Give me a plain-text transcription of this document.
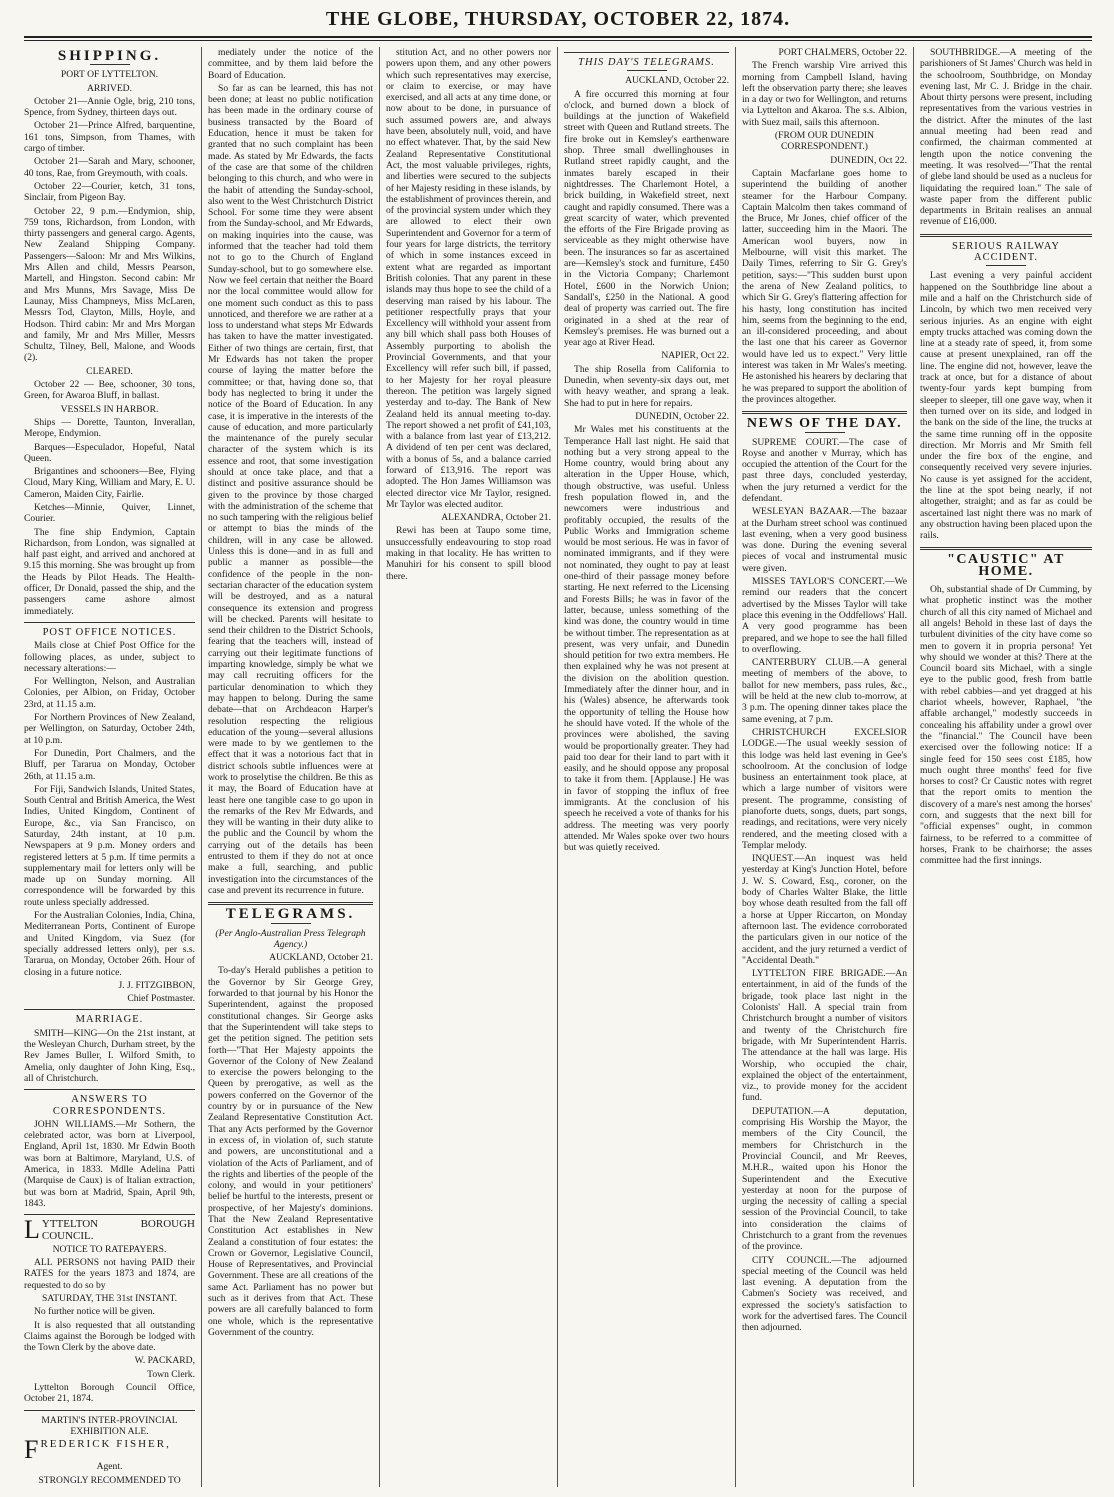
THE GLOBE, THURSDAY, OCTOBER 22, 1874.
SHIPPING.
PORT OF LYTTELTON.
ARRIVED.

October 21—Annie Ogle, brig, 210 tons, Spence, from Sydney, thirteen days out.

October 21—Prince Alfred, barquentine, 161 tons, Simpson, from Thames, with cargo of timber.

October 21—Sarah and Mary, schooner, 40 tons, Rae, from Greymouth, with coals.

October 22—Courier, ketch, 31 tons, Sinclair, from Pigeon Bay.

October 22, 9 p.m.—Endymion, ship, 759 tons, Richardson, from London, with thirty passengers and general cargo. Agents, New Zealand Shipping Company. Passengers—Saloon: Mr and Mrs Wilkins, Mrs Allen and child, Messrs Pearson, Martell, and Hingston. Second cabin: Mr and Mrs Munns, Mrs Savage, Miss De Launay, Miss Champneys, Miss McLaren, Messrs Tod, Clayton, Mills, Hoyle, and Hodson. Third cabin: Mr and Mrs Morgan and family, Mr and Mrs Miller, Messrs Schultz, Tilney, Bell, Malone, and Woods (2).

CLEARED.

October 22 — Bee, schooner, 30 tons, Green, for Awaroa Bluff, in ballast.

VESSELS IN HARBOR.

Ships — Dorette, Taunton, Inverallan, Merope, Endymion.

Barques—Especulador, Hopeful, Natal Queen.

Brigantines and schooners—Bee, Flying Cloud, Mary King, William and Mary, E. U. Cameron, Maiden City, Fairlie.

Ketches—Minnie, Quiver, Linnet, Courier.

The fine ship Endymion, Captain Richardson, from London, was signalled at half past eight, and arrived and anchored at 9.15 this morning. She was brought up from the Heads by Pilot Heads. The Health-officer, Dr Donald, passed the ship, and the passengers came ashore almost immediately.

POST OFFICE NOTICES.

Mails close at Chief Post Office for the following places, as under, subject to necessary alterations:—

For Wellington, Nelson, and Australian Colonies, per Albion, on Friday, October 23rd, at 11.15 a.m.

For Northern Provinces of New Zealand, per Wellington, on Saturday, October 24th, at 10 p.m.

For Dunedin, Port Chalmers, and the Bluff, per Tararua on Monday, October 26th, at 11.15 a.m.

For Fiji, Sandwich Islands, United States, South Central and British America, the West Indies, United Kingdom, Continent of Europe, &c., via San Francisco, on Saturday, 24th instant, at 10 p.m. Newspapers at 9 p.m. Money orders and registered letters at 5 p.m. If time permits a supplementary mail for letters only will be made up on Sunday morning. All correspondence will be forwarded by this route unless specially addressed.

For the Australian Colonies, India, China, Mediterranean Ports, Continent of Europe and United Kingdom, via Suez (for specially addressed letters only), per s.s. Tararua, on Monday, October 26th. Hour of closing in a future notice.

J. J. FITZGIBBON,

Chief Postmaster.

MARRIAGE.

SMITH—KING—On the 21st instant, at the Wesleyan Church, Durham street, by the Rev James Buller, I. Wilford Smith, to Amelia, only daughter of John King, Esq., all of Christchurch.

ANSWERS TO CORRESPONDENTS.

JOHN WILLIAMS.—Mr Sothern, the celebrated actor, was born at Liverpool, England, April 1st, 1830. Mr Edwin Booth was born at Baltimore, Maryland, U.S. of America, in 1833. Mdlle Adelina Patti (Marquise de Caux) is of Italian extraction, but was born at Madrid, Spain, April 9th, 1843.

LYTTELTON BOROUGH COUNCIL.
NOTICE TO RATEPAYERS.

ALL PERSONS not having PAID their RATES for the years 1873 and 1874, are requested to do so by

SATURDAY, THE 31st INSTANT.

No further notice will be given.

It is also requested that all outstanding Claims against the Borough be lodged with the Town Clerk by the above date.

W. PACKARD,

Town Clerk.

Lyttelton Borough Council Office, October 21, 1874.

MARTIN'S INTER-PROVINCIAL EXHIBITION ALE.
FREDERICK FISHER,
Agent.
STRONGLY RECOMMENDED TO

mediately under the notice of the committee, and by them laid before the Board of Education.

So far as can be learned, this has not been done; at least no public notification has been made in the ordinary course of business transacted by the Board of Education, hence it must be taken for granted that no such complaint has been made. As stated by Mr Edwards, the facts of the case are that some of the children belonging to this church, and who were in the habit of attending the Sunday-school, also went to the West Christchurch District School. For some time they were absent from the Sunday-school, and Mr Edwards, on making inquiries into the cause, was informed that the teacher had told them not to go to the Church of England Sunday-school, but to go somewhere else. Now we feel certain that neither the Board nor the local committee would allow for one moment such conduct as this to pass unnoticed, and therefore we are rather at a loss to understand what steps Mr Edwards has taken to have the matter investigated. Either of two things are certain, first, that Mr Edwards has not taken the proper course of laying the matter before the committee; or that, having done so, that body has neglected to bring it under the notice of the Board of Education. In any case, it is imperative in the interests of the cause of education, and more particularly the maintenance of the purely secular character of the system which is its essence and root, that some investigation should at once take place, and that a distinct and positive assurance should be given to the province by those charged with the administration of the scheme that no such tampering with the religious belief or attempt to bias the minds of the children, will in any case be allowed. Unless this is done—and in as full and public a manner as possible—the confidence of the people in the non-sectarian character of the education system will be destroyed, and as a natural consequence its extension and progress will be checked. Parents will hesitate to send their children to the District Schools, fearing that the teachers will, instead of carrying out their legitimate functions of imparting knowledge, simply be what we may call recruiting officers for the particular denomination to which they may happen to belong. During the same debate—that on Archdeacon Harper's resolution respecting the religious education of the young—several allusions were made to by we gentlemen to the effect that it was a notorious fact that in district schools subtle influences were at work to proselytise the children. Be this as it may, the Board of Education have at least here one tangible case to go upon in the remarks of the Rev Mr Edwards, and they will be wanting in their duty alike to the public and the Council by whom the carrying out of the details has been entrusted to them if they do not at once make a full, searching, and public investigation into the circumstances of the case and prevent its recurrence in future.

TELEGRAMS.
(Per Anglo-Australian Press Telegraph Agency.)

AUCKLAND, October 21.

To-day's Herald publishes a petition to the Governor by Sir George Grey, forwarded to that journal by his Honor the Superintendent, against the proposed constitutional changes. Sir George asks that the Superintendent will take steps to get the petition signed. The petition sets forth—"That Her Majesty appoints the Governor of the Colony of New Zealand to exercise the powers belonging to the Queen by prerogative, as well as the powers conferred on the Governor of the country by or in pursuance of the New Zealand Representative Constitution Act. That any Acts performed by the Governor in excess of, in violation of, such statute and powers, are unconstitutional and a violation of the Acts of Parliament, and of the rights and liberties of the people of the colony, and would in your petitioners' belief be hurtful to the interests, present or prospective, of her Majesty's dominions. That the New Zealand Representative Constitution Act establishes in New Zealand a constitution of four estates: the Crown or Governor, Legislative Council, House of Representatives, and Provincial Government. These are all creations of the same Act. Parliament has no power but such as it derives from that Act. These powers are all carefully balanced to form one whole, which is the representative Government of the country.

stitution Act, and no other powers nor powers upon them, and any other powers which such representatives may exercise, or claim to exercise, or may have exercised, and all acts at any time done, or now about to be done, in pursuance of such assumed powers are, and always have been, absolutely null, void, and have no effect whatever. That, by the said New Zealand Representative Constitutional Act, the most valuable privileges, rights, and liberties were secured to the subjects of her Majesty residing in these islands, by the establishment of provinces therein, and of the provincial system under which they are allowed to elect their own Superintendent and Governor for a term of four years for large districts, the territory of which in some instances exceed in extent what are regarded as important British colonies. That any parent in these islands may thus hope to see the child of a deserving man raised by his labour. The petitioner respectfully prays that your Excellency will withhold your assent from any bill which shall pass both Houses of Assembly purporting to abolish the Provincial Governments, and that your Excellency will refer such bill, if passed, to her Majesty for her royal pleasure thereon. The petition was largely signed yesterday and to-day. The Bank of New Zealand held its annual meeting to-day. The report showed a net profit of £41,103, with a balance from last year of £13,212. A dividend of ten per cent was declared, with a bonus of 5s, and a balance carried forward of £13,916. The report was adopted. The Hon James Williamson was elected director vice Mr Taylor, resigned. Mr Taylor was elected auditor.

ALEXANDRA, October 21.

Rewi has been at Taupo some time, unsuccessfully endeavouring to stop road making in that locality. He has written to Manuhiri for his consent to spill blood there.

THIS DAY'S TELEGRAMS.

AUCKLAND, October 22.

A fire occurred this morning at four o'clock, and burned down a block of buildings at the junction of Wakefield street with Queen and Rutland streets. The fire broke out in Kemsley's earthenware shop. Three small dwellinghouses in Rutland street rapidly caught, and the inmates barely escaped in their nightdresses. The Charlemont Hotel, a brick building, in Wakefield street, next caught and rapidly consumed. There was a great scarcity of water, which prevented the efforts of the Fire Brigade proving as serviceable as they might otherwise have been. The insurances so far as ascertained are—Kemsley's stock and furniture, £450 in the Victoria Company; Charlemont Hotel, £600 in the Norwich Union; Sandall's, £250 in the National. A good deal of property was carried out. The fire originated in a shed at the rear of Kemsley's premises. He was burned out a year ago at River Head.

NAPIER, Oct 22.

The ship Rosella from California to Dunedin, when seventy-six days out, met with heavy weather, and sprang a leak. She had to put in here for repairs.

DUNEDIN, October 22.

Mr Wales met his constituents at the Temperance Hall last night. He said that nothing but a very strong appeal to the Home country, would bring about any alteration in the Upper House, which, though obstructive, was useful. Unless fresh population flowed in, and the newcomers were industrious and profitably occupied, the results of the Public Works and Immigration scheme would be most serious. He was in favor of nominated immigrants, and if they were not nominated, they ought to pay at least one-third of their passage money before starting. He next referred to the Licensing and Forests Bills; he was in favor of the latter, because, unless something of the kind was done, the country would in time be without timber. The representation as at present, was very unfair, and Dunedin should petition for two extra members. He then explained why he was not present at the division on the abolition question. Immediately after the dinner hour, and in his (Wales) absence, he afterwards took the opportunity of telling the House how he should have voted. If the whole of the provinces were abolished, the saving would be proportionally greater. They had paid too dear for their land to part with it easily, and he should oppose any proposal to take it from them. [Applause.] He was in favor of stopping the influx of free immigrants. At the conclusion of his speech he received a vote of thanks for his address. The meeting was very poorly attended. Mr Wales spoke over two hours but was quietly received.

PORT CHALMERS, October 22.

The French warship Vire arrived this morning from Campbell Island, having left the observation party there; she leaves in a day or two for Wellington, and returns via Lyttelton and Akaroa. The s.s. Albion, with Suez mail, sails this afternoon.

(FROM OUR DUNEDIN CORRESPONDENT.)

DUNEDIN, Oct 22.

Captain Macfarlane goes home to superintend the building of another steamer for the Harbour Company. Captain Malcolm then takes command of the Bruce, Mr Jones, chief officer of the latter, succeeding him in the Maori. The American wool buyers, now in Melbourne, will visit this market. The Daily Times, referring to Sir G. Grey's petition, says:—"This sudden burst upon the arena of New Zealand politics, to which Sir G. Grey's flattering affection for his hasty, long constitution has incited him, seems from the beginning to the end, an ill-considered proceeding, and about the last one that his career as Governor would have led us to expect." Very little interest was taken in Mr Wales's meeting. He astonished his hearers by declaring that he was prepared to support the abolition of the provinces altogether.

NEWS OF THE DAY.

SUPREME COURT.—The case of Royse and another v Murray, which has occupied the attention of the Court for the past three days, concluded yesterday, when the jury returned a verdict for the defendant.

WESLEYAN BAZAAR.—The bazaar at the Durham street school was continued last evening, when a very good business was done. During the evening several pieces of vocal and instrumental music were given.

MISSES TAYLOR'S CONCERT.—We remind our readers that the concert advertised by the Misses Taylor will take place this evening in the Oddfellows' Hall. A very good programme has been prepared, and we hope to see the hall filled to overflowing.

CANTERBURY CLUB.—A general meeting of members of the above, to ballot for new members, pass rules, &c., will be held at the new club to-morrow, at 3 p.m. The opening dinner takes place the same evening, at 7 p.m.

CHRISTCHURCH EXCELSIOR LODGE.—The usual weekly session of this lodge was held last evening in Gee's schoolroom. At the conclusion of lodge business an entertainment took place, at which a large number of visitors were present. The programme, consisting of pianoforte duets, songs, duets, part songs, readings, and recitations, were very nicely rendered, and the meeting closed with a Templar melody.

INQUEST.—An inquest was held yesterday at King's Junction Hotel, before J. W. S. Coward, Esq., coroner, on the body of Charles Walter Blake, the little boy whose death resulted from the fall off a horse at Upper Riccarton, on Monday afternoon last. The evidence corroborated the particulars given in our notice of the accident, and the jury returned a verdict of "Accidental Death."

LYTTELTON FIRE BRIGADE.—An entertainment, in aid of the funds of the brigade, took place last night in the Colonists' Hall. A special train from Christchurch brought a number of visitors and twenty of the Christchurch fire brigade, with Mr Superintendent Harris. The attendance at the hall was large. His Worship, who occupied the chair, explained the object of the entertainment, viz., to provide money for the accident fund.

DEPUTATION.—A deputation, comprising His Worship the Mayor, the members of the City Council, the members for Christchurch in the Provincial Council, and Mr Reeves, M.H.R., waited upon his Honor the Superintendent and the Executive yesterday at noon for the purpose of urging the necessity of calling a special session of the Provincial Council, to take into consideration the claims of Christchurch to a grant from the revenues of the province.

CITY COUNCIL.—The adjourned special meeting of the Council was held last evening. A deputation from the Cabmen's Society was received, and expressed the society's satisfaction to work for the advertised fares. The Council then adjourned.

SOUTHBRIDGE.—A meeting of the parishioners of St James' Church was held in the schoolroom, Southbridge, on Monday evening last, Mr C. J. Bridge in the chair. About thirty persons were present, including representatives from the various vestries in the district. After the minutes of the last annual meeting had been read and confirmed, the chairman commented at length upon the notice convening the meeting. It was resolved—"That the rental of glebe land should be used as a nucleus for liquidating the required loan." The sale of waste paper from the different public departments in Britain realises an annual revenue of £16,000.

SERIOUS RAILWAY ACCIDENT.

Last evening a very painful accident happened on the Southbridge line about a mile and a half on the Christchurch side of Lincoln, by which two men received very serious injuries. As an engine with eight empty trucks attached was coming down the line at a steady rate of speed, it, from some cause at present unexplained, ran off the line. The engine did not, however, leave the track at once, but for a distance of about twenty-four yards kept bumping from sleeper to sleeper, till one gave way, when it then turned over on its side, and lodged in the bank on the side of the line, the trucks at the same time running off in the opposite direction. Mr Morris and Mr Smith fell under the fire box of the engine, and consequently received very severe injuries. No cause is yet assigned for the accident, the line at the spot being nearly, if not altogether, straight; and as far as could be ascertained last night there was no mark of any obstruction having been placed upon the rails.

"CAUSTIC" AT HOME.

Oh, substantial shade of Dr Cumming, by what prophetic instinct was the mother church of all this city named of Michael and all angels! Behold in these last of days the turbulent divinities of the city have come so men to govern it in propria persona! Yet why should we wonder at this? There at the Council board sits Michael, with a single eye to the public good, fresh from battle with rebel cabbies—and yet dragged at his chariot wheels, however, Raphael, "the affable archangel," modestly succeeds in concealing his affability under a growl over the "financial." The Council have been exercised over the following notice: If a single feed for 150 sees cost £185, how much ought three months' feed for five horses to cost? Cr Caustic notes with regret that the report omits to mention the discovery of a mare's nest among the horses' corn, and suggests that the next bill for "official expenses" ought, in common fairness, to be referred to a committee of horses, Frank to be chairhorse; the asses committee had the first innings.
